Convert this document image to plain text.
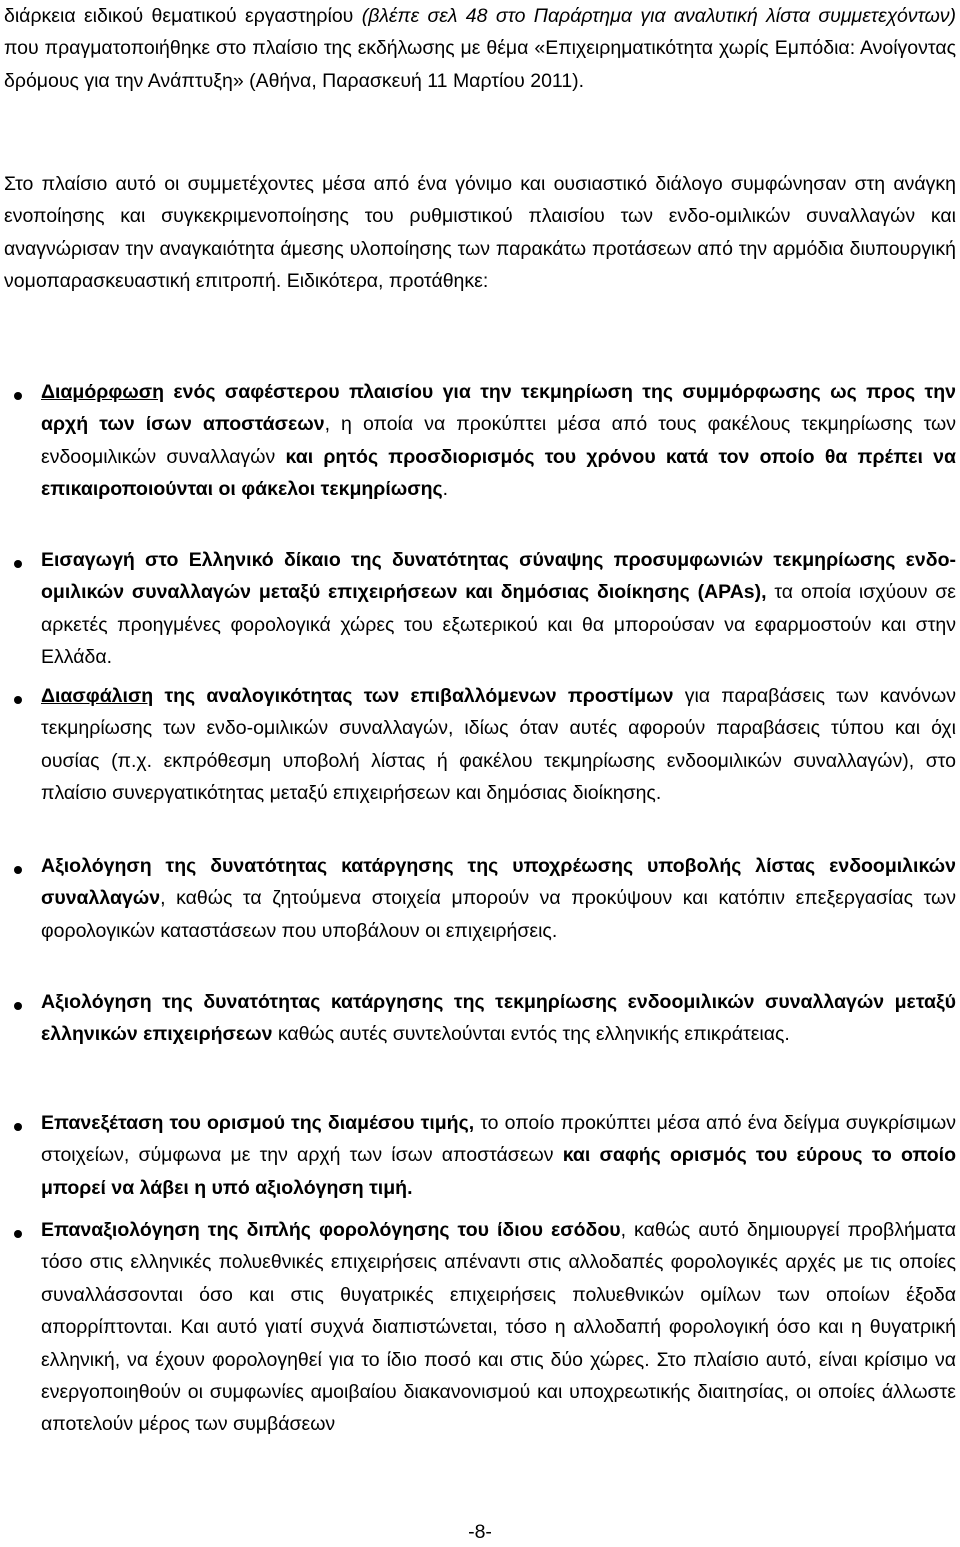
διάρκεια ειδικού θεματικού εργαστηρίου (βλέπε σελ 48 στο Παράρτημα για αναλυτική λίστα συμμετεχόντων) που πραγματοποιήθηκε στο πλαίσιο της εκδήλωσης με θέμα «Επιχειρηματικότητα χωρίς Εμπόδια: Ανοίγοντας δρόμους για την Ανάπτυξη» (Αθήνα, Παρασκευή 11 Μαρτίου 2011).

Στο πλαίσιο αυτό οι συμμετέχοντες μέσα από ένα γόνιμο και ουσιαστικό διάλογο συμφώνησαν στη ανάγκη ενοποίησης και συγκεκριμενοποίησης του ρυθμιστικού πλαισίου των ενδο-ομιλικών συναλλαγών και αναγνώρισαν την αναγκαιότητα άμεσης υλοποίησης των παρακάτω προτάσεων από την αρμόδια διυπουργική νομοπαρασκευαστική επιτροπή. Ειδικότερα, προτάθηκε:

Διαμόρφωση ενός σαφέστερου πλαισίου για την τεκμηρίωση της συμμόρφωσης ως προς την αρχή των ίσων αποστάσεων, η οποία να προκύπτει μέσα από τους φακέλους τεκμηρίωσης των ενδοομιλικών συναλλαγών και ρητός προσδιορισμός του χρόνου κατά τον οποίο θα πρέπει να επικαιροποιούνται οι φάκελοι τεκμηρίωσης.

Εισαγωγή στο Ελληνικό δίκαιο της δυνατότητας σύναψης προσυμφωνιών τεκμηρίωσης ενδο-ομιλικών συναλλαγών μεταξύ επιχειρήσεων και δημόσιας διοίκησης (APAs), τα οποία ισχύουν σε αρκετές προηγμένες φορολογικά χώρες του εξωτερικού και θα μπορούσαν να εφαρμοστούν και στην Ελλάδα.

Διασφάλιση της αναλογικότητας των επιβαλλόμενων προστίμων για παραβάσεις των κανόνων τεκμηρίωσης των ενδο-ομιλικών συναλλαγών, ιδίως όταν αυτές αφορούν παραβάσεις τύπου και όχι ουσίας (π.χ. εκπρόθεσμη υποβολή λίστας ή φακέλου τεκμηρίωσης ενδοομιλικών συναλλαγών), στο πλαίσιο συνεργατικότητας μεταξύ επιχειρήσεων και δημόσιας διοίκησης.

Αξιολόγηση της δυνατότητας κατάργησης της υποχρέωσης υποβολής λίστας ενδοομιλικών συναλλαγών, καθώς τα ζητούμενα στοιχεία μπορούν να προκύψουν και κατόπιν επεξεργασίας των φορολογικών καταστάσεων που υποβάλουν οι επιχειρήσεις.

Αξιολόγηση της δυνατότητας κατάργησης της τεκμηρίωσης ενδοομιλικών συναλλαγών μεταξύ ελληνικών επιχειρήσεων καθώς αυτές συντελούνται εντός της ελληνικής επικράτειας.

Επανεξέταση του ορισμού της διαμέσου τιμής, το οποίο προκύπτει μέσα από ένα δείγμα συγκρίσιμων στοιχείων, σύμφωνα με την αρχή των ίσων αποστάσεων και σαφής ορισμός του εύρους το οποίο μπορεί να λάβει η υπό αξιολόγηση τιμή.

Επαναξιολόγηση της διπλής φορολόγησης του ίδιου εσόδου, καθώς αυτό δημιουργεί προβλήματα τόσο στις ελληνικές πολυεθνικές επιχειρήσεις απέναντι στις αλλοδαπές φορολογικές αρχές με τις οποίες συναλλάσσονται όσο και στις θυγατρικές επιχειρήσεις πολυεθνικών ομίλων των οποίων έξοδα απορρίπτονται. Και αυτό γιατί συχνά διαπιστώνεται, τόσο η αλλοδαπή φορολογική όσο και η θυγατρική ελληνική, να έχουν φορολογηθεί για το ίδιο ποσό και στις δύο χώρες. Στο πλαίσιο αυτό, είναι κρίσιμο να ενεργοποιηθούν οι συμφωνίες αμοιβαίου διακανονισμού και υποχρεωτικής διαιτησίας, οι οποίες άλλωστε αποτελούν μέρος των συμβάσεων

-8-
